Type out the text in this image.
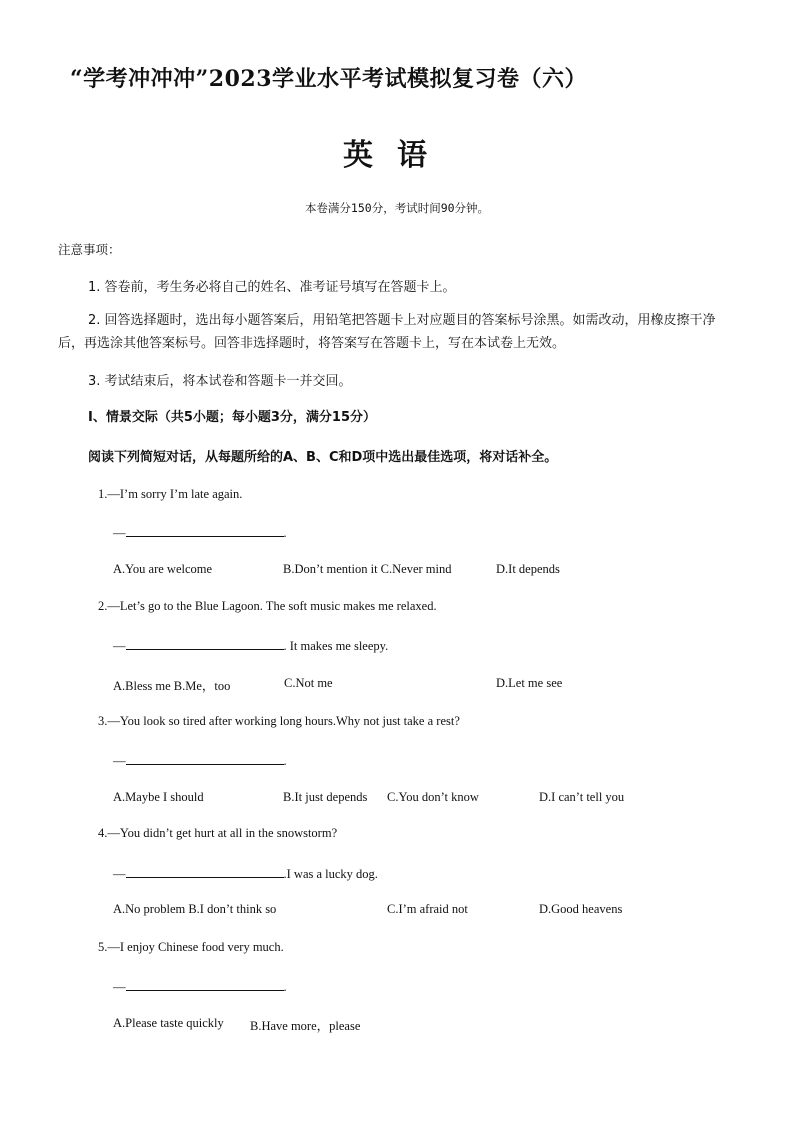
“学考冲冲冲”2023学业水平考试模拟复习卷（六）
英语
本卷满分150分，考试时间90分钟。
注意事项：
1. 答卷前，考生务必将自己的姓名、准考证号填写在答题卡上。
2. 回答选择题时，选出每小题答案后，用铅笔把答题卡上对应题目的答案标号涂黑。如需改动，用橡皮擦干净后，再选涂其他答案标号。回答非选择题时，将答案写在答题卡上，写在本试卷上无效。
3. 考试结束后，将本试卷和答题卡一并交回。
I、情景交际（共5小题；每小题3分，满分15分）
阅读下列简短对话，从每题所给的A、B、C和D项中选出最佳选项，将对话补全。
1.—I’m sorry I’m late again.
—	.
A.You are welcome	B.Don’t mention it C.Never mind	D.It depends
2.—Let’s go to the Blue Lagoon. The soft music makes me relaxed.
—	. It makes me sleepy.
A.Bless me B.Me，too	C.Not me	D.Let me see
3.—You look so tired after working long hours.Why not just take a rest?
—	.
A.Maybe I should	B.It just depends C.You don’t know	D.I can’t tell you
4.—You didn’t get hurt at all in the snowstorm?
—	.I was a lucky dog.
A.No problem B.I don’t think so	C.I’m afraid not	D.Good heavens
5.—I enjoy Chinese food very much.
—	.
A.Please taste quickly B.Have more，please
